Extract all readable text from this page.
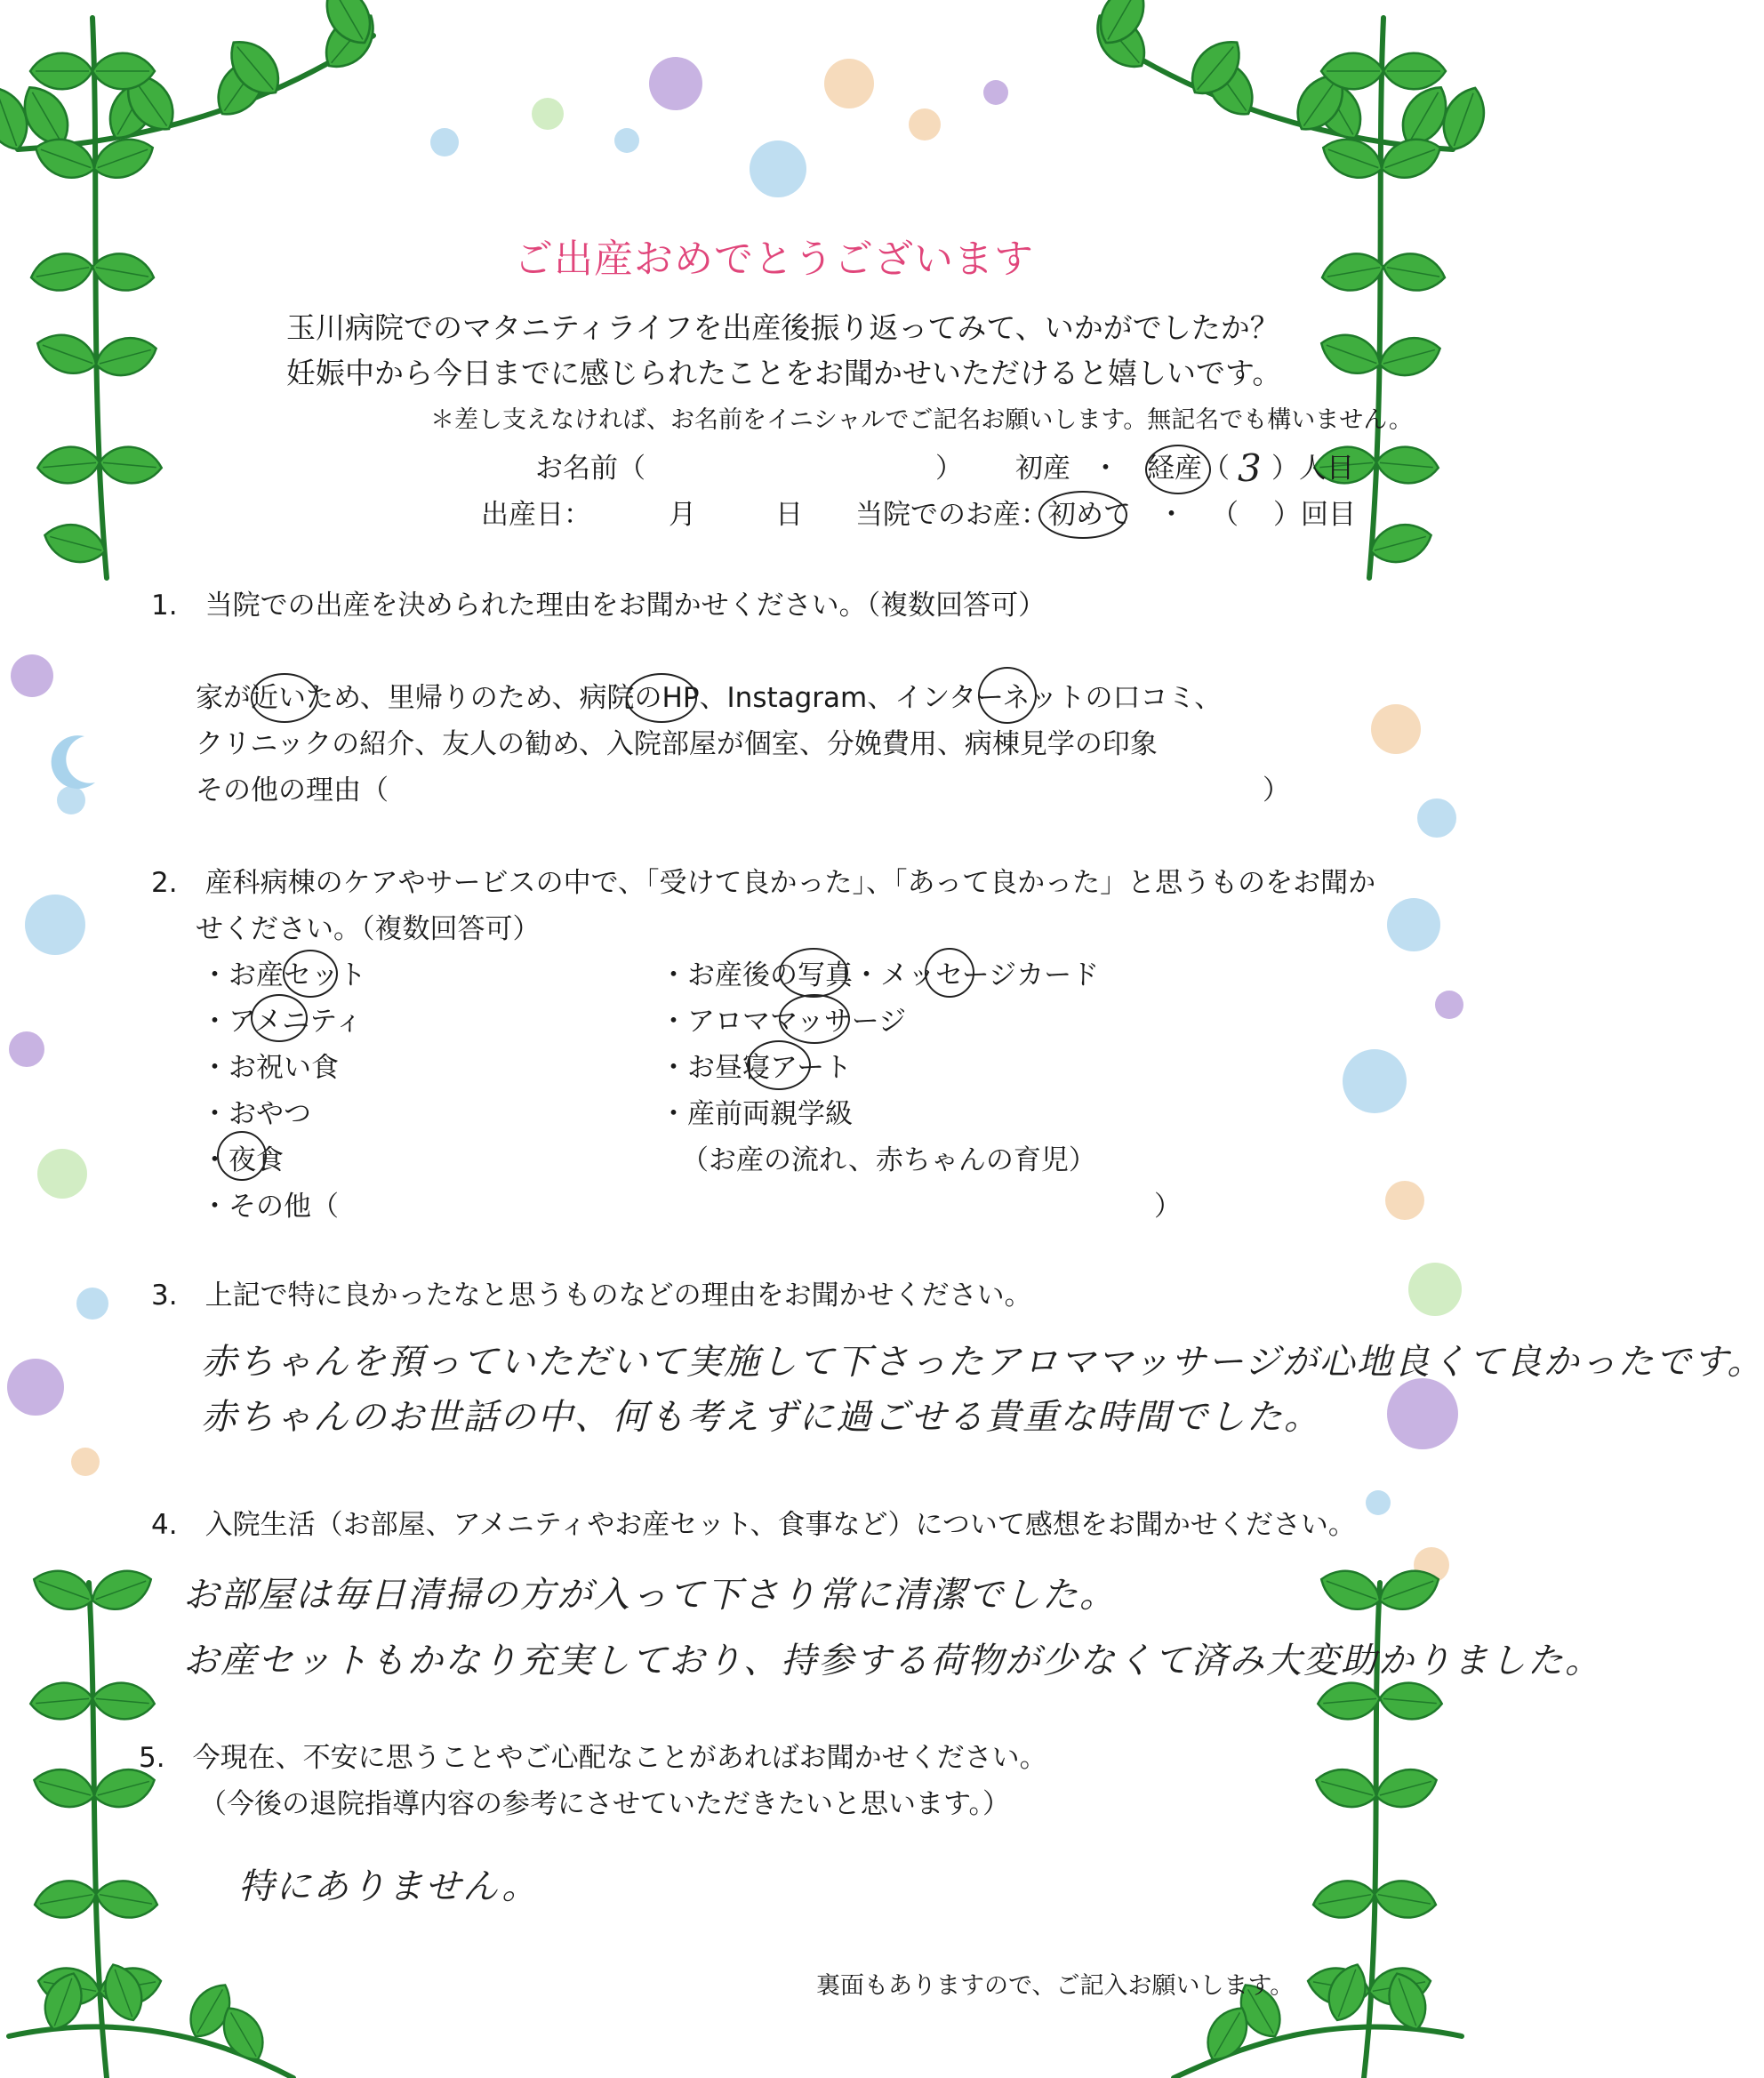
ご出産おめでとうございます
玉川病院でのマタニティライフを出産後振り返ってみて、いかがでしたか？
妊娠中から今日までに感じられたことをお聞かせいただけると嬉しいです。
＊差し支えなければ、お名前をイニシャルでご記名お願いします。無記名でも構いません。
お名前（	） 初産 ・ 経産（ 3 ）人目
出産日：	月	日 当院でのお産：初めて ・ （ ）回目
1.　当院での出産を決められた理由をお聞かせください。（複数回答可）
家が近いため、里帰りのため、病院のHP、Instagram、インターネットの口コミ、
クリニックの紹介、友人の勧め、入院部屋が個室、分娩費用、病棟見学の印象
その他の理由（	）
2.　産科病棟のケアやサービスの中で、「受けて良かった」、「あって良かった」と思うものをお聞か
せください。（複数回答可）
・お産セット
・アメニティ
・お祝い食
・おやつ
・夜食
・その他（	）
・お産後の写真・メッセージカード
・アロママッサージ
・お昼寝アート
・産前両親学級
（お産の流れ、赤ちゃんの育児）
3.　上記で特に良かったなと思うものなどの理由をお聞かせください。
赤ちゃんを預っていただいて実施して下さったアロママッサージが心地良くて良かったです。
赤ちゃんのお世話の中、何も考えずに過ごせる貴重な時間でした。
4.　入院生活（お部屋、アメニティやお産セット、食事など）について感想をお聞かせください。
お部屋は毎日清掃の方が入って下さり常に清潔でした。
お産セットもかなり充実しており、持参する荷物が少なくて済み大変助かりました。
5.　今現在、不安に思うことやご心配なことがあればお聞かせください。
（今後の退院指導内容の参考にさせていただきたいと思います。）
特にありません。
裏面もありますので、ご記入お願いします。
